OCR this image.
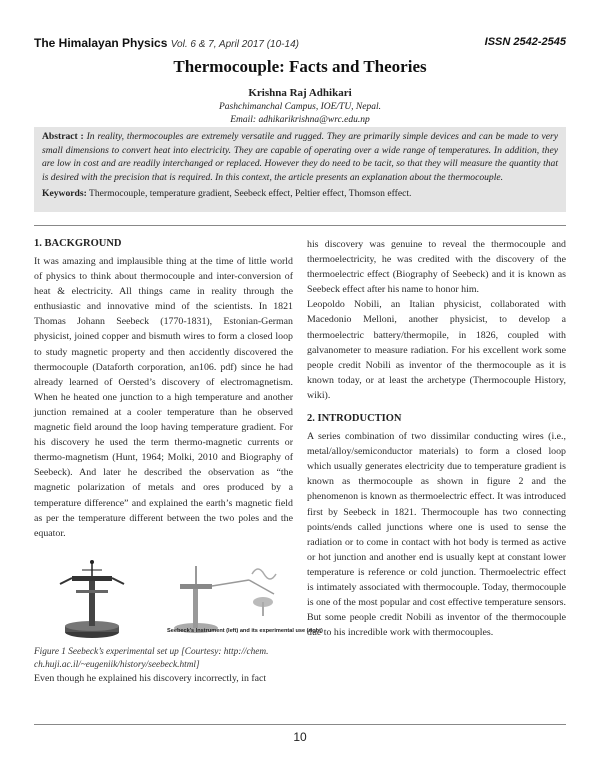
The Himalayan Physics Vol. 6 & 7, April 2017 (10-14)	ISSN 2542-2545
Thermocouple: Facts and Theories
Krishna Raj Adhikari
Pashchimanchal Campus, IOE/TU, Nepal.
Email: adhikarikrishna@wrc.edu.np
Abstract : In reality, thermocouples are extremely versatile and rugged. They are primarily simple devices and can be made to very small dimensions to convert heat into electricity. They are capable of operating over a wide range of temperatures. In addition, they are low in cost and are readily interchanged or replaced. However they do need to be tacit, so that they will measure the quantity that is desired with the precision that is required. In this context, the article presents an explanation about the thermocouple.
Keywords: Thermocouple, temperature gradient, Seebeck effect, Peltier effect, Thomson effect.
1. BACKGROUND

It was amazing and implausible thing at the time of little world of physics to think about thermocouple and inter-conversion of heat & electricity. All things came in reality through the enthusiastic and innovative mind of the scientists. In 1821 Thomas Johann Seebeck (1770-1831), Estonian-German physicist, joined copper and bismuth wires to form a closed loop to study magnetic property and then accidently discovered the thermocouple (Dataforth corporation, an106. pdf) since he had already learned of Oersted’s discovery of electromagnetism. When he heated one junction to a high temperature and another junction remained at a cooler temperature than he observed magnetic field around the loop having temperature gradient. For his discovery he used the term thermo-magnetic currents or thermo-magnetism (Hunt, 1964; Molki, 2010 and Biography of Seebeck). And later he described the observation as “the magnetic polarization of metals and ores produced by a temperature difference” and explained the earth’s magnetic field as per the temperature different between the two poles and the equator.

Seebeck's Instrument (left) and its experimental use (right)
Figure 1 Seebeck’s experimental set up [Courtesy: http://chem. ch.huji.ac.il/~eugeniik/history/seebeck.html]
Even though he explained his discovery incorrectly, in fact

his discovery was genuine to reveal the thermocouple and thermoelectricity, he was credited with the discovery of the thermoelectric effect (Biography of Seebeck) and it is known as Seebeck effect after his name to honor him.

Leopoldo Nobili, an Italian physicist, collaborated with Macedonio Melloni, another physicist, to develop a thermoelectric battery/thermopile, in 1826, coupled with galvanometer to measure radiation. For his excellent work some people credit Nobili as inventor of the thermocouple as it is known today, or at least the archetype (Thermocouple History, wiki).

2. INTRODUCTION

A series combination of two dissimilar conducting wires (i.e., metal/alloy/semiconductor materials) to form a closed loop which usually generates electricity due to temperature gradient is known as thermocouple as shown in figure 2 and the phenomenon is known as thermoelectric effect. It was introduced first by Seebeck in 1821. Thermocouple has two connecting points/ends called junctions where one is used to sense the radiation or to come in contact with hot body is termed as active or hot junction and another end is usually kept at constant lower temperature is reference or cold junction. Thermoelectric effect is intimately associated with thermocouple. Today, thermocouple is one of the most popular and cost effective temperature sensors. But some people credit Nobili as inventor of the thermocouple due to his incredible work with thermocouples.

10
